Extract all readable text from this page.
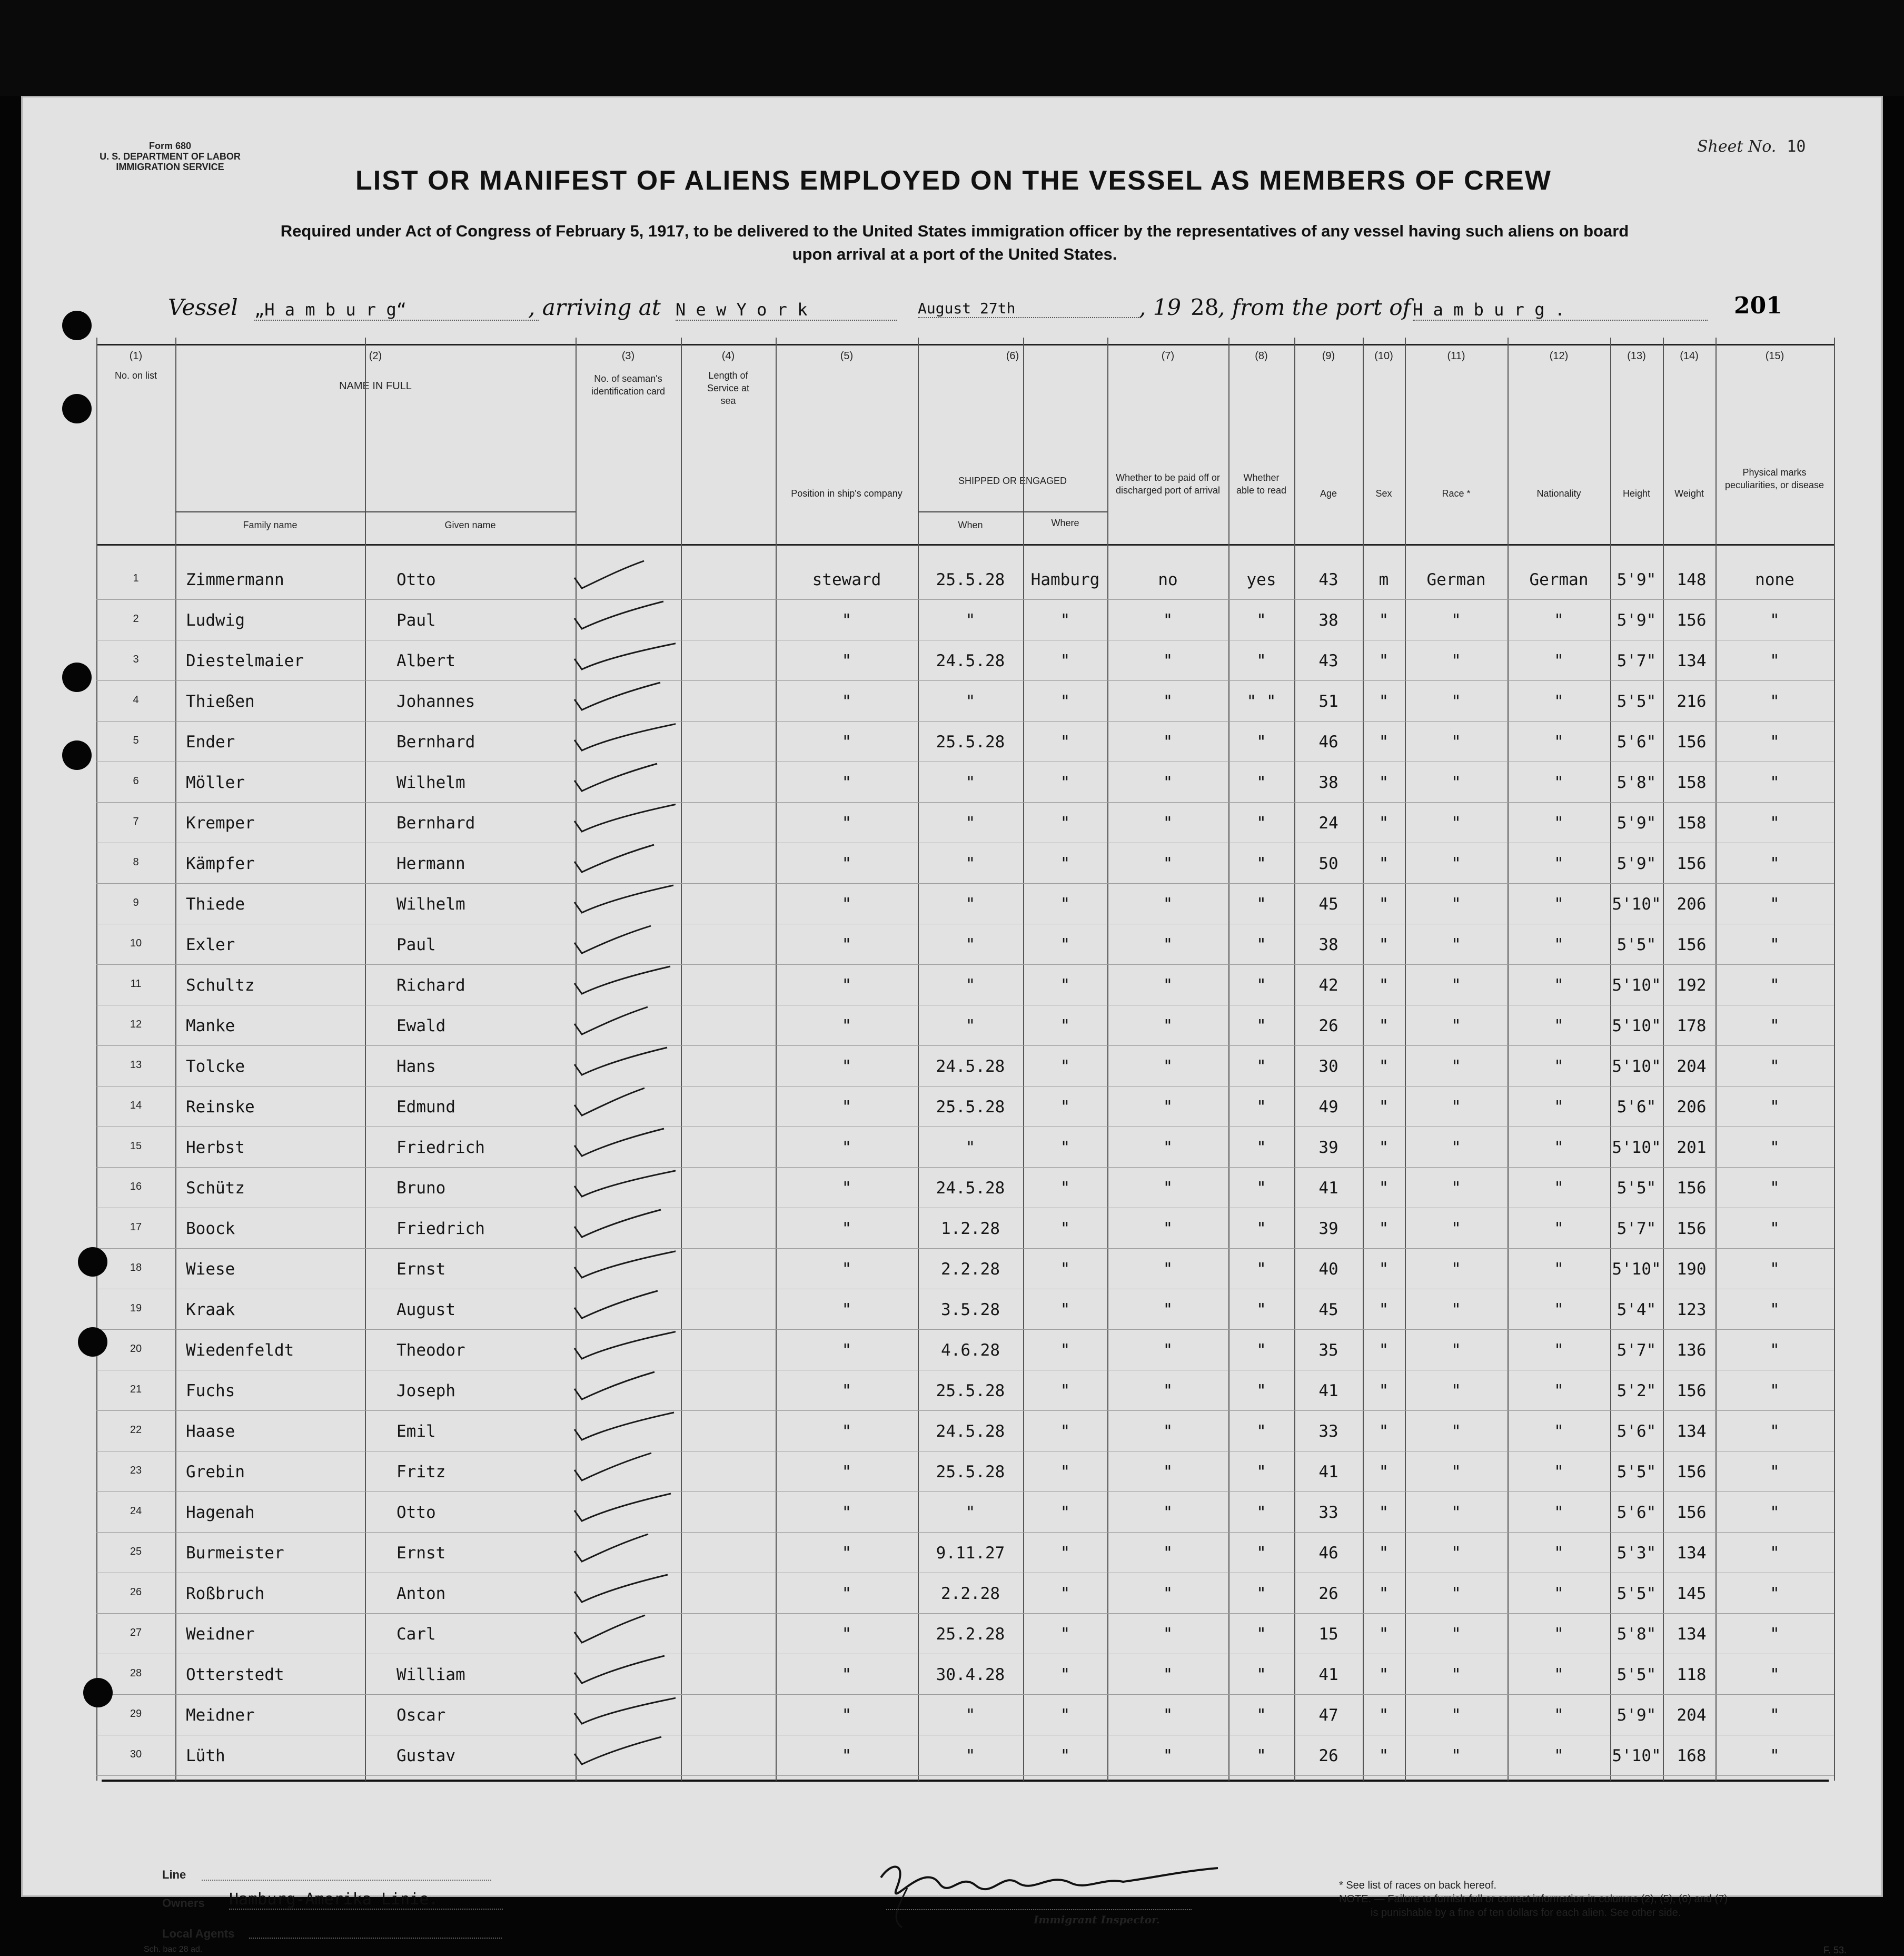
Form 680
U. S. DEPARTMENT OF LABOR
IMMIGRATION SERVICE
Sheet No. 10
LIST OR MANIFEST OF ALIENS EMPLOYED ON THE VESSEL AS MEMBERS OF CREW
Required under Act of Congress of February 5, 1917, to be delivered to the United States immigration officer by the representatives of any vessel having such aliens on board
upon arrival at a port of the United States.
Vessel „H a m b u r g“	, arriving at N e w Y o r k	August 27th	, 19 28
, from the port of H a m b u r g .	201
(1)
No. on list
(2)
NAME IN FULL
Family name	Given name
(3)
No. of seaman's identification card
(4)
Length of Service at sea
(5)
Position in ship's company
(6)
SHIPPED OR ENGAGED
When	Where
(7)
Whether to be paid off or discharged port of arrival
(8)
Whether able to read
(9)
Age
(10)
Sex
(11)
Race *
(12)
Nationality
(13)
Height
(14)
Weight
(15)
Physical marks peculiarities, or disease
1	Zimmermann	Otto	steward	25.5.28	Hamburg	no	yes	43	m	German	German	5'9"	148	none
2	Ludwig	Paul	"	"	"	"	"	38	"	"	"	5'9"	156	"
3	Diestelmaier	Albert	"	24.5.28	"	"	"	43	"	"	"	5'7"	134	"
4	Thießen	Johannes	"	"	"	"	" "	51	"	"	"	5'5"	216	"
5	Ender	Bernhard	"	25.5.28	"	"	"	46	"	"	"	5'6"	156	"
6	Möller	Wilhelm	"	"	"	"	"	38	"	"	"	5'8"	158	"
7	Kremper	Bernhard	"	"	"	"	"	24	"	"	"	5'9"	158	"
8	Kämpfer	Hermann	"	"	"	"	"	50	"	"	"	5'9"	156	"
9	Thiede	Wilhelm	"	"	"	"	"	45	"	"	"	5'10" 206	"
10	Exler	Paul	"	"	"	"	"	38	"	"	"	5'5"	156	"
11	Schultz	Richard	"	"	"	"	"	42	"	"	"	5'10" 192	"
12	Manke	Ewald	"	"	"	"	"	26	"	"	"	5'10" 178	"
13	Tolcke	Hans	"	24.5.28	"	"	"	30	"	"	"	5'10" 204	"
14	Reinske	Edmund	"	25.5.28	"	"	"	49	"	"	"	5'6"	206	"
15	Herbst	Friedrich	"	"	"	"	"	39	"	"	"	5'10" 201	"
16	Schütz	Bruno	"	24.5.28	"	"	"	41	"	"	"	5'5"	156	"
17	Boock	Friedrich	"	1.2.28	"	"	"	39	"	"	"	5'7"	156	"
18	Wiese	Ernst	"	2.2.28	"	"	"	40	"	"	"	5'10" 190	"
19	Kraak	August	"	3.5.28	"	"	"	45	"	"	"	5'4"	123	"
20	Wiedenfeldt	Theodor	"	4.6.28	"	"	"	35	"	"	"	5'7"	136	"
21	Fuchs	Joseph	"	25.5.28	"	"	"	41	"	"	"	5'2"	156	"
22	Haase	Emil	"	24.5.28	"	"	"	33	"	"	"	5'6"	134	"
23	Grebin	Fritz	"	25.5.28	"	"	"	41	"	"	"	5'5"	156	"
24	Hagenah	Otto	"	"	"	"	"	33	"	"	"	5'6"	156	"
25	Burmeister	Ernst	"	9.11.27	"	"	"	46	"	"	"	5'3"	134	"
26	Roßbruch	Anton	"	2.2.28	"	"	"	26	"	"	"	5'5"	145	"
27	Weidner	Carl	"	25.2.28	"	"	"	15	"	"	"	5'8"	134	"
28	Otterstedt	William	"	30.4.28	"	"	"	41	"	"	"	5'5"	118	"
29	Meidner	Oscar	"	"	"	"	"	47	"	"	"	5'9"	204	"
30	Lüth	Gustav	"	"	"	"	"	26	"	"	"	5'10" 168	"
Line
Owners Hamburg-Amerika Linie.
Local Agents
Immigrant Inspector.
* See list of races on back hereof.
NOTE. — Failure to furnish full or correct information in columns (2), (5), (6) and (7)
is punishable by a fine of ten dollars for each alien. See other side.
Sch. bac 28 ad.	F. 53.
